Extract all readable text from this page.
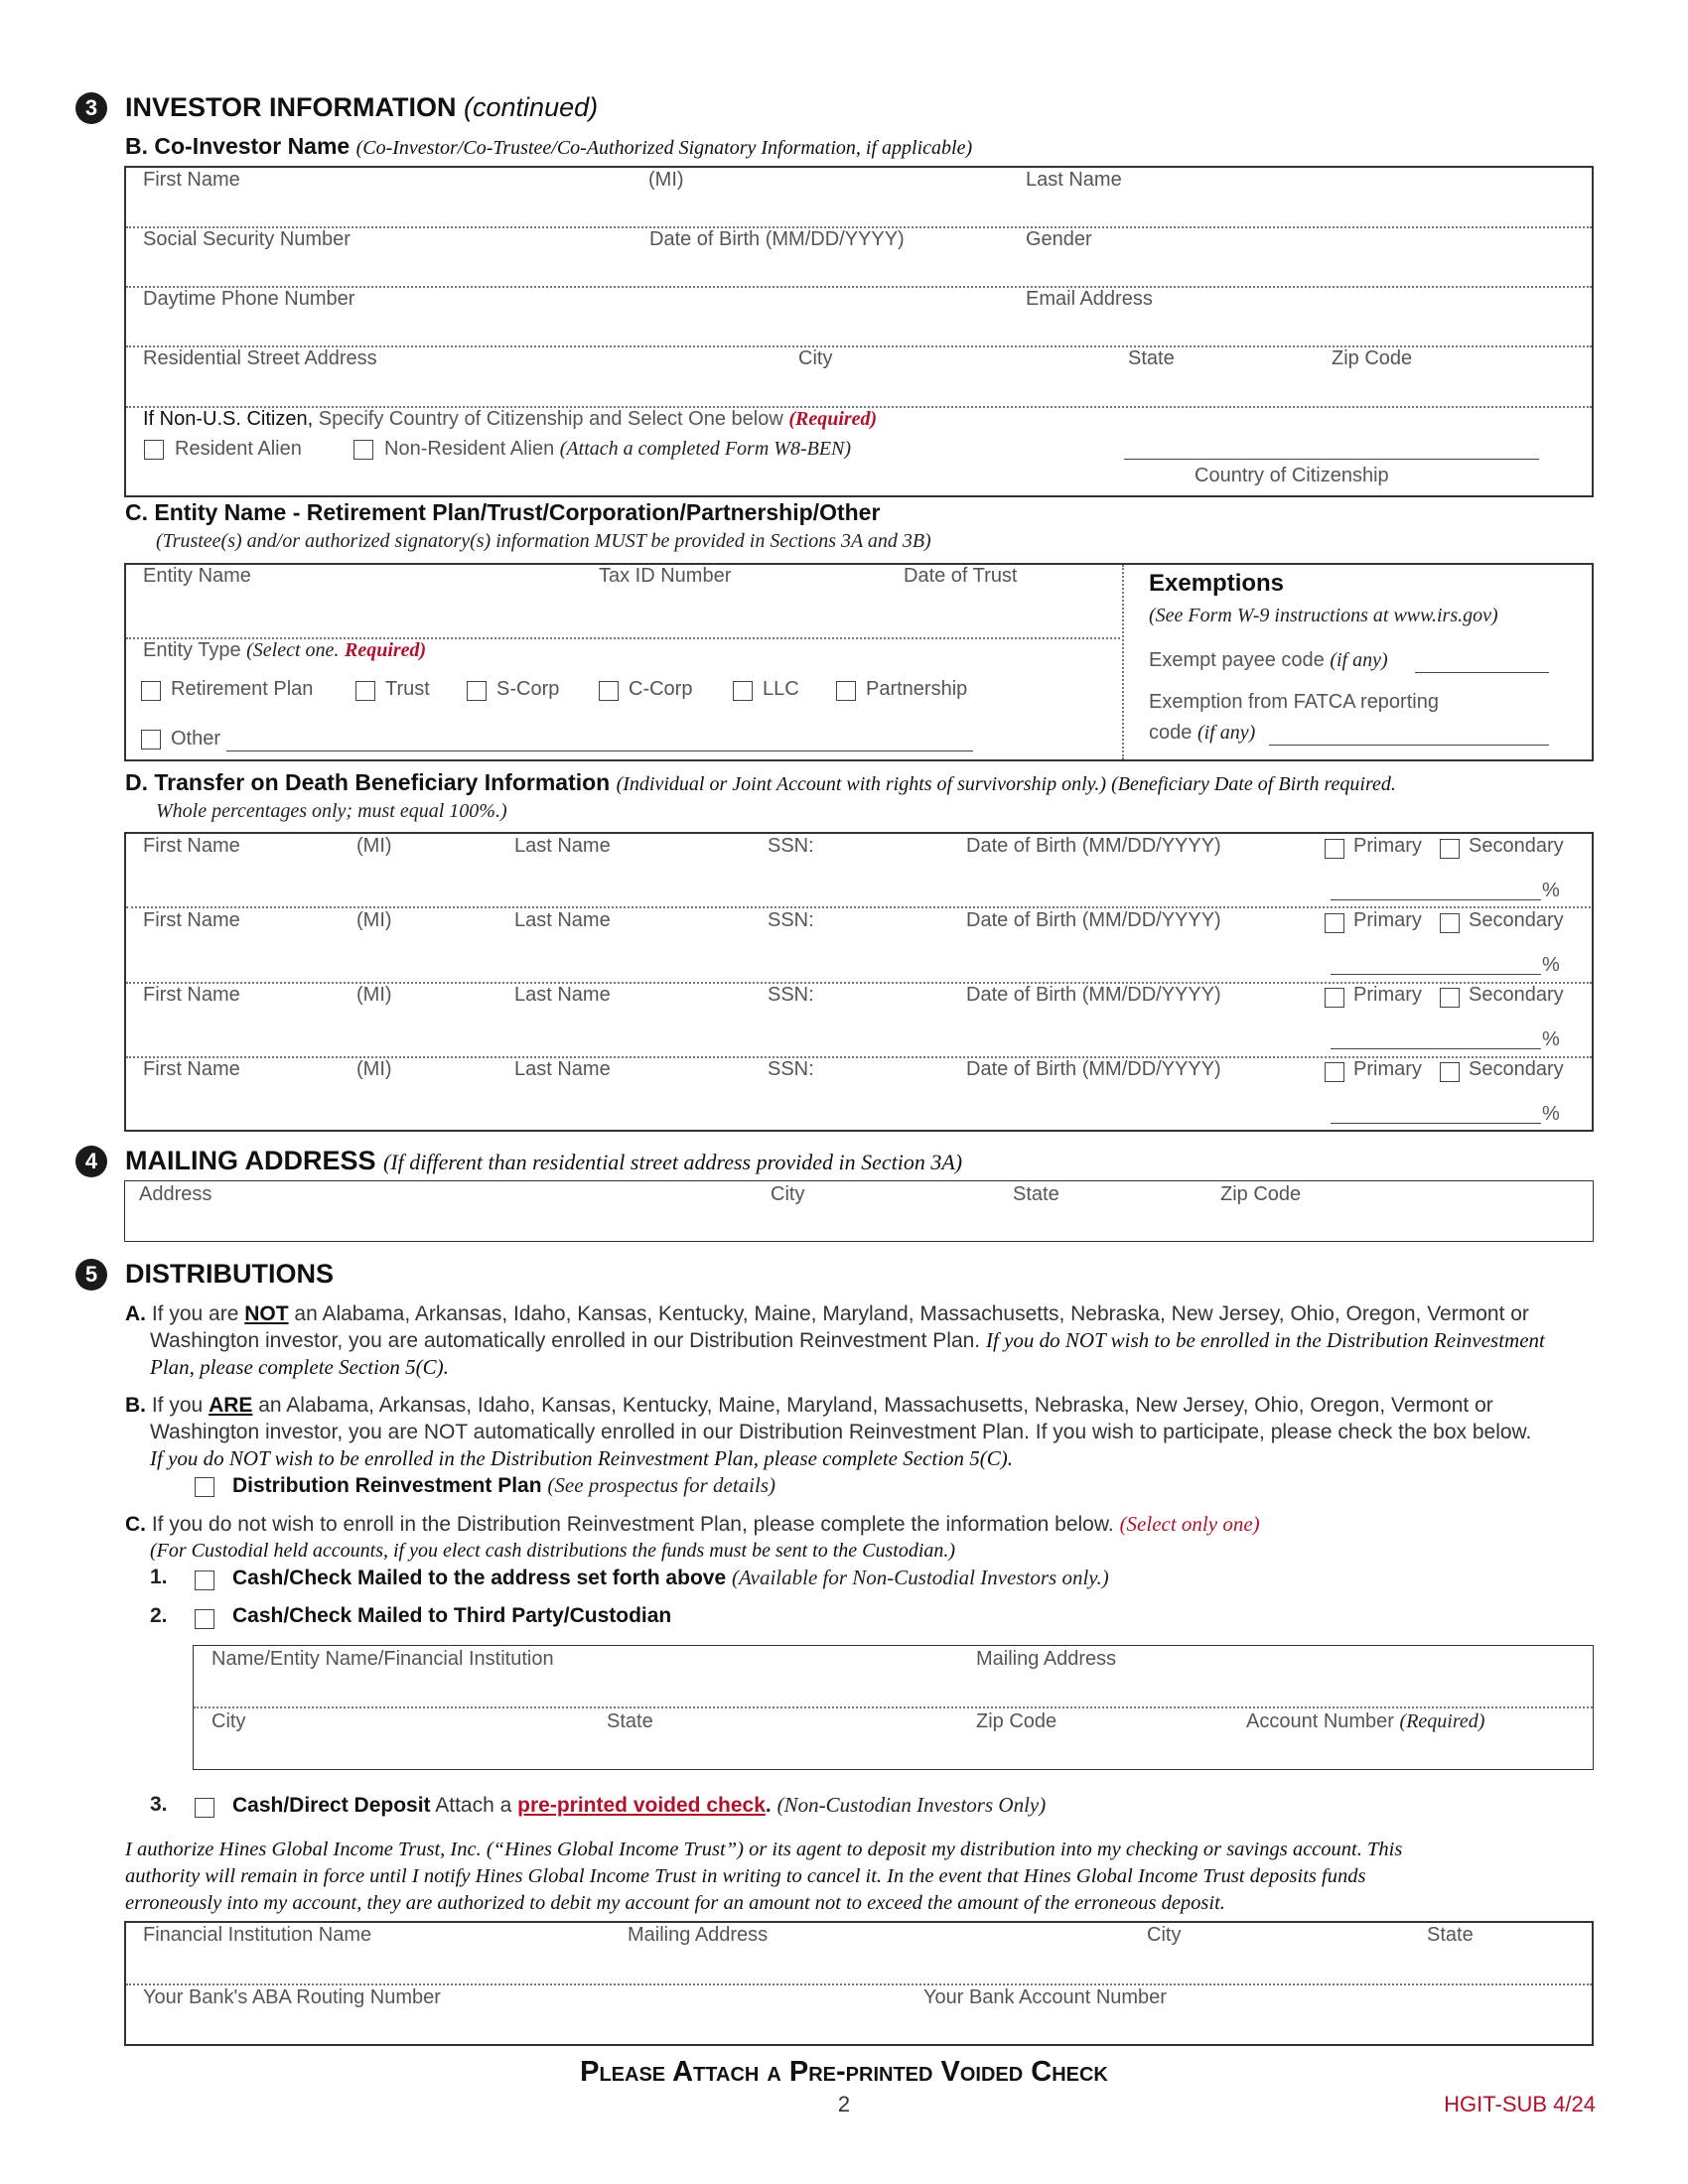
3	INVESTOR INFORMATION (continued)
B. Co-Investor Name (Co-Investor/Co-Trustee/Co-Authorized Signatory Information, if applicable)
First Name	(MI)	Last Name
Social Security Number	Date of Birth (MM/DD/YYYY)	Gender
Daytime Phone Number	Email Address
Residential Street Address	City	State	Zip Code
If Non-U.S. Citizen, Specify Country of Citizenship and Select One below (Required)
Resident Alien	Non-Resident Alien (Attach a completed Form W8-BEN)
Country of Citizenship
C. Entity Name - Retirement Plan/Trust/Corporation/Partnership/Other
(Trustee(s) and/or authorized signatory(s) information MUST be provided in Sections 3A and 3B)
Entity Name	Tax ID Number	Date of Trust
Entity Type (Select one. Required)
Retirement Plan	Trust	S-Corp	C-Corp	LLC	Partnership
Other
Exemptions
(See Form W-9 instructions at www.irs.gov)
Exempt payee code (if any)
Exemption from FATCA reporting
code (if any)
D. Transfer on Death Beneficiary Information (Individual or Joint Account with rights of survivorship only.) (Beneficiary Date of Birth required.
Whole percentages only; must equal 100%.)
First Name	(MI)	Last Name	SSN:	Date of Birth (MM/DD/YYYY)	Primary Secondary
%
First Name	(MI)	Last Name	SSN:	Date of Birth (MM/DD/YYYY)	Primary Secondary
%
First Name	(MI)	Last Name	SSN:	Date of Birth (MM/DD/YYYY)	Primary Secondary
%
First Name	(MI)	Last Name	SSN:	Date of Birth (MM/DD/YYYY)	Primary Secondary
%
4	MAILING ADDRESS (If different than residential street address provided in Section 3A)
Address	City	State	Zip Code
5	DISTRIBUTIONS
A. If you are NOT an Alabama, Arkansas, Idaho, Kansas, Kentucky, Maine, Maryland, Massachusetts, Nebraska, New Jersey, Ohio, Oregon, Vermont or
Washington investor, you are automatically enrolled in our Distribution Reinvestment Plan. If you do NOT wish to be enrolled in the Distribution Reinvestment
Plan, please complete Section 5(C).
B. If you ARE an Alabama, Arkansas, Idaho, Kansas, Kentucky, Maine, Maryland, Massachusetts, Nebraska, New Jersey, Ohio, Oregon, Vermont or
Washington investor, you are NOT automatically enrolled in our Distribution Reinvestment Plan. If you wish to participate, please check the box below.
If you do NOT wish to be enrolled in the Distribution Reinvestment Plan, please complete Section 5(C).
Distribution Reinvestment Plan (See prospectus for details)
C. If you do not wish to enroll in the Distribution Reinvestment Plan, please complete the information below. (Select only one)
(For Custodial held accounts, if you elect cash distributions the funds must be sent to the Custodian.)
1.	Cash/Check Mailed to the address set forth above (Available for Non-Custodial Investors only.)
2.	Cash/Check Mailed to Third Party/Custodian
Name/Entity Name/Financial Institution	Mailing Address
City	State	Zip Code	Account Number (Required)
3.	Cash/Direct Deposit Attach a pre-printed voided check. (Non-Custodian Investors Only)
I authorize Hines Global Income Trust, Inc. (“Hines Global Income Trust”) or its agent to deposit my distribution into my checking or savings account. This
authority will remain in force until I notify Hines Global Income Trust in writing to cancel it. In the event that Hines Global Income Trust deposits funds
erroneously into my account, they are authorized to debit my account for an amount not to exceed the amount of the erroneous deposit.
Financial Institution Name	Mailing Address	City	State
Your Bank's ABA Routing Number	Your Bank Account Number
Please Attach a Pre-printed Voided Check
2	HGIT-SUB 4/24
